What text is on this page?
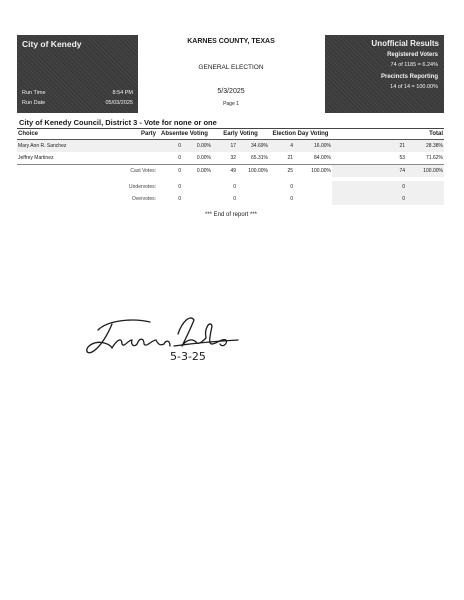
City of Kenedy
Run Time	8:54 PM
Run Date	05/03/2025
KARNES COUNTY, TEXAS
GENERAL ELECTION
5/3/2025
Page 1
Unofficial Results
Registered Voters
74 of 1185 = 6.24%
Precincts Reporting
14 of 14 = 100.00%
City of Kenedy Council, District 3 - Vote for none or one
Choice	Party	Absentee Voting		Early Voting		Election Day Voting		Total	
Mary Ann R. Sanchez		0	0.00%	17	34.69%	4	16.00%	21	28.38%
Jeffrey Martinez		0	0.00%	32	65.31%	21	84.00%	53	71.62%
	Cast Votes:	0	0.00%	49	100.00%	25	100.00%	74	100.00%

	Undervotes:	0		0		0		0	
	Overvotes:	0		0		0		0	
*** End of report ***
5-3-25
